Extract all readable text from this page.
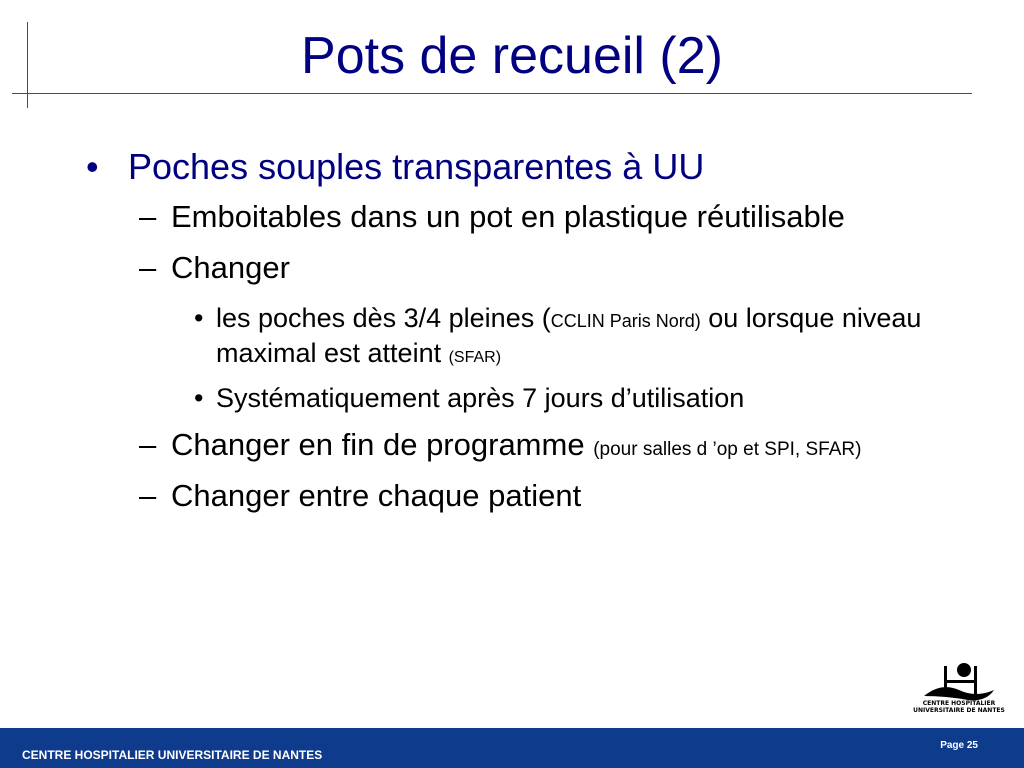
Pots de recueil (2)
• Poches souples transparentes à UU
– Emboitables dans un pot en plastique réutilisable
– Changer
• les poches dès 3/4 pleines (CCLIN Paris Nord) ou lorsque niveau maximal est atteint (SFAR)
• Systématiquement après 7 jours d’utilisation
– Changer en fin de programme (pour salles d ’op et SPI, SFAR)
– Changer entre chaque patient
CENTRE HOSPITALIER
UNIVERSITAIRE DE NANTES
CENTRE HOSPITALIER UNIVERSITAIRE DE NANTES
Page 25
